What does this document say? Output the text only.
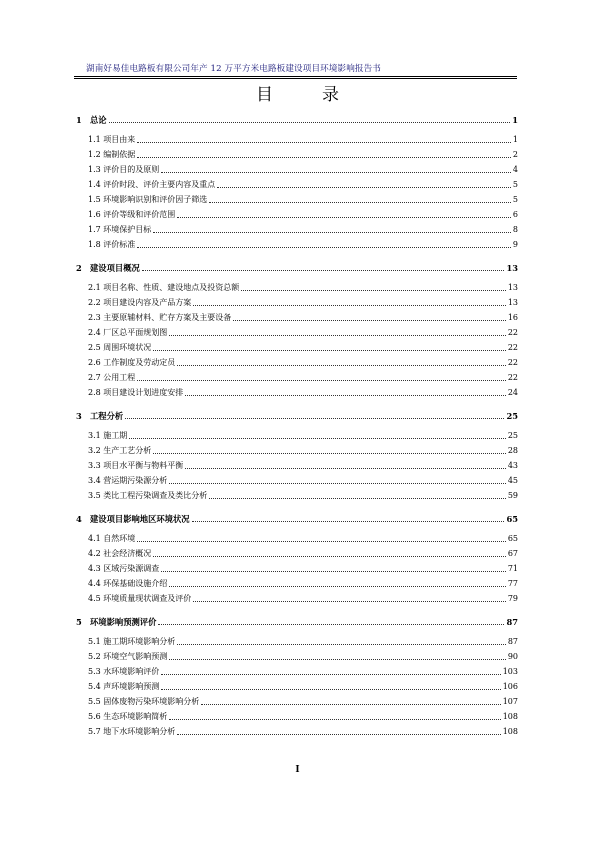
湖南好易佳电路板有限公司年产 12 万平方米电路板建设项目环境影响报告书
目　录
1 总论	1
1.1 项目由来	1
1.2 编制依据	2
1.3 评价目的及原则	4
1.4 评价时段、评价主要内容及重点	5
1.5 环境影响识别和评价因子筛选	5
1.6 评价等级和评价范围	6
1.7 环境保护目标	8
1.8 评价标准	9
2 建设项目概况	13
2.1 项目名称、性质、建设地点及投资总额	13
2.2 项目建设内容及产品方案	13
2.3 主要原辅材料、贮存方案及主要设备	16
2.4 厂区总平面规划图	22
2.5 周围环境状况	22
2.6 工作制度及劳动定员	22
2.7 公用工程	22
2.8 项目建设计划进度安排	24
3 工程分析	25
3.1 施工期	25
3.2 生产工艺分析	28
3.3 项目水平衡与物料平衡	43
3.4 营运期污染源分析	45
3.5 类比工程污染调查及类比分析	59
4 建设项目影响地区环境状况	65
4.1 自然环境	65
4.2 社会经济概况	67
4.3 区域污染源调查	71
4.4 环保基础设施介绍	77
4.5 环境质量现状调查及评价	79
5 环境影响预测评价	87
5.1 施工期环境影响分析	87
5.2 环境空气影响预测	90
5.3 水环境影响评价	103
5.4 声环境影响预测	106
5.5 固体废物污染环境影响分析	107
5.6 生态环境影响简析	108
5.7 地下水环境影响分析	108
I
